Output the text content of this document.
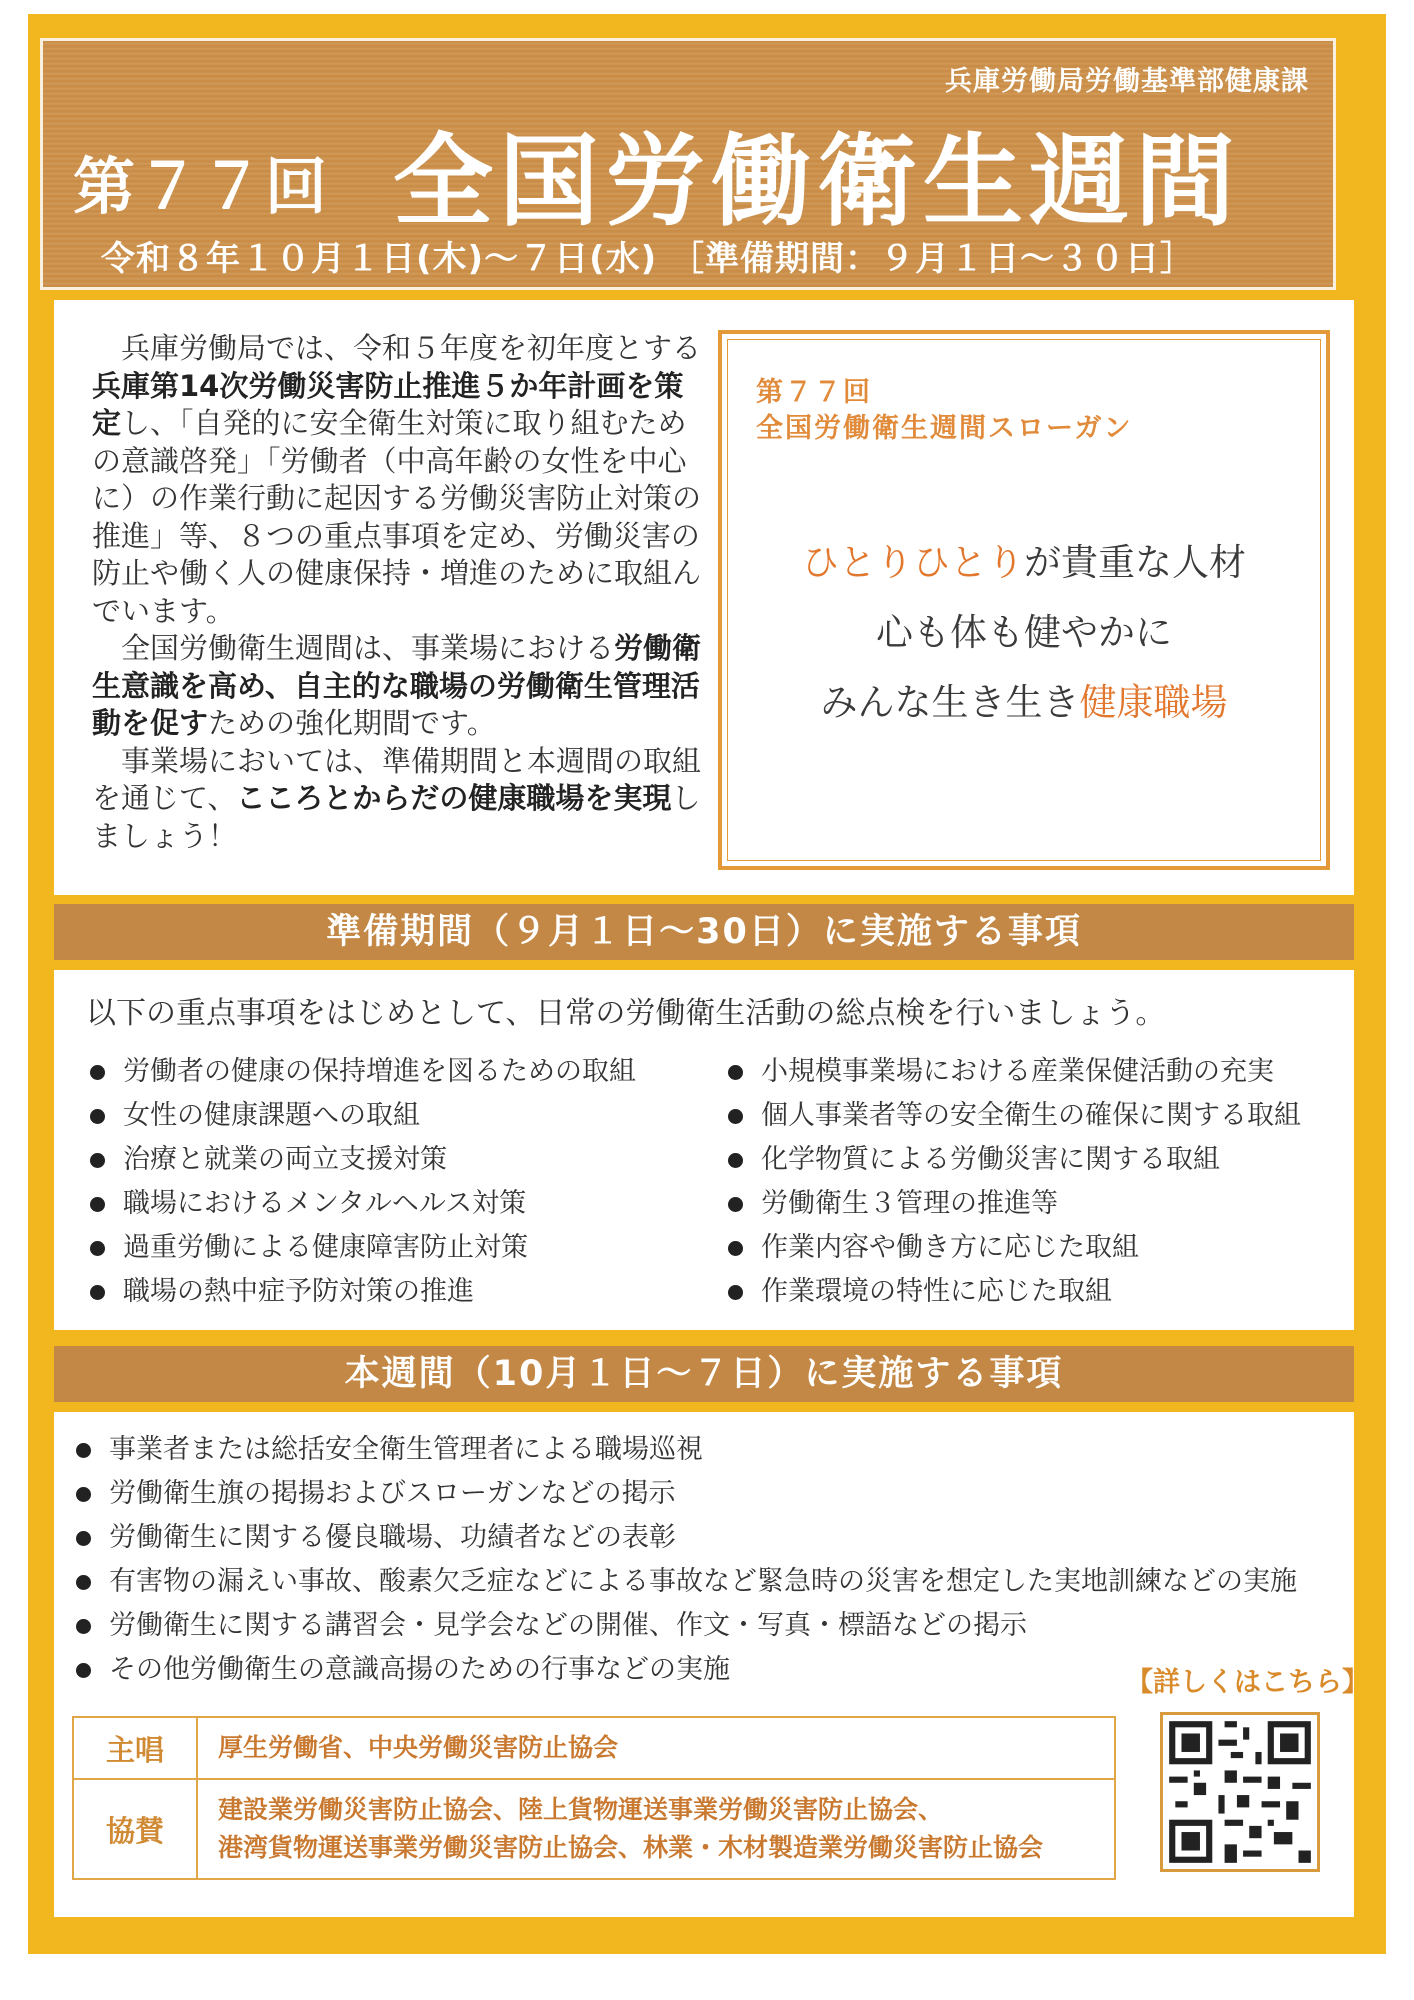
兵庫労働局労働基準部健康課
第７７回 全国労働衛生週間
令和８年１０月１日(木)～７日(水) ［準備期間：９月１日～３０日］

兵庫労働局では、令和５年度を初年度とする兵庫第14次労働災害防止推進５か年計画を策定し、「自発的に安全衛生対策に取り組むための意識啓発」「労働者（中高年齢の女性を中心に）の作業行動に起因する労働災害防止対策の推進」等、８つの重点事項を定め、労働災害の防止や働く人の健康保持・増進のために取組んでいます。

全国労働衛生週間は、事業場における労働衛生意識を高め、自主的な職場の労働衛生管理活動を促すための強化期間です。

事業場においては、準備期間と本週間の取組を通じて、こころとからだの健康職場を実現しましょう！

第７７回
全国労働衛生週間スローガン
ひとりひとりが貴重な人材
心も体も健やかに
みんな生き生き健康職場
準備期間（９月１日～30日）に実施する事項
以下の重点事項をはじめとして、日常の労働衛生活動の総点検を行いましょう。
労働者の健康の保持増進を図るための取組
女性の健康課題への取組
治療と就業の両立支援対策
職場におけるメンタルヘルス対策
過重労働による健康障害防止対策
職場の熱中症予防対策の推進
小規模事業場における産業保健活動の充実
個人事業者等の安全衛生の確保に関する取組
化学物質による労働災害に関する取組
労働衛生３管理の推進等
作業内容や働き方に応じた取組
作業環境の特性に応じた取組
本週間（10月１日～７日）に実施する事項
事業者または総括安全衛生管理者による職場巡視
労働衛生旗の掲揚およびスローガンなどの掲示
労働衛生に関する優良職場、功績者などの表彰
有害物の漏えい事故、酸素欠乏症などによる事故など緊急時の災害を想定した実地訓練などの実施
労働衛生に関する講習会・見学会などの開催、作文・写真・標語などの掲示
その他労働衛生の意識高揚のための行事などの実施	【詳しくはこちら】
主唱	厚生労働省、中央労働災害防止協会
協賛	建設業労働災害防止協会、陸上貨物運送事業労働災害防止協会、
港湾貨物運送事業労働災害防止協会、林業・木材製造業労働災害防止協会
